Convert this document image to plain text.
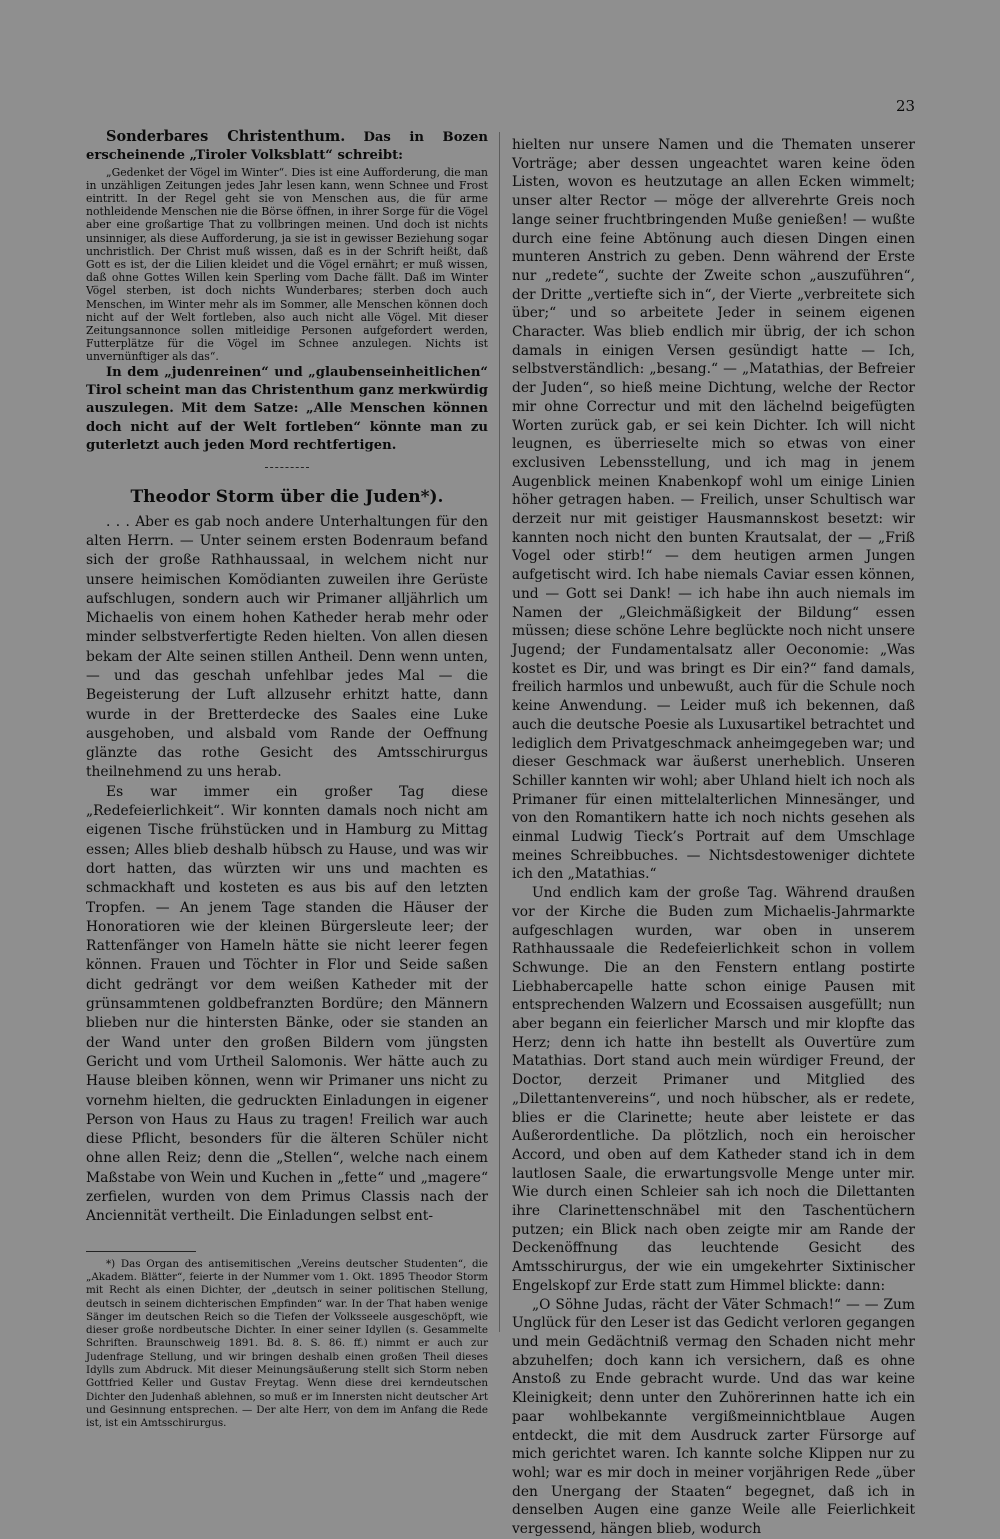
23

Sonderbares Christenthum. Das in Bozen erscheinende „Tiroler Volksblatt“ schreibt:

„Gedenket der Vögel im Winter“. Dies ist eine Aufforderung, die man in unzähligen Zeitungen jedes Jahr lesen kann, wenn Schnee und Frost eintritt. In der Regel geht sie von Menschen aus, die für arme nothleidende Menschen nie die Börse öffnen, in ihrer Sorge für die Vögel aber eine großartige That zu vollbringen meinen. Und doch ist nichts unsinniger, als diese Aufforderung, ja sie ist in gewisser Beziehung sogar unchristlich. Der Christ muß wissen, daß es in der Schrift heißt, daß Gott es ist, der die Lilien kleidet und die Vögel ernährt; er muß wissen, daß ohne Gottes Willen kein Sperling vom Dache fällt. Daß im Winter Vögel sterben, ist doch nichts Wunderbares; sterben doch auch Menschen, im Winter mehr als im Sommer, alle Menschen können doch nicht auf der Welt fortleben, also auch nicht alle Vögel. Mit dieser Zeitungsannonce sollen mitleidige Personen aufgefordert werden, Futterplätze für die Vögel im Schnee anzulegen. Nichts ist unvernünftiger als das“.

In dem „judenreinen“ und „glaubenseinheitlichen“ Tirol scheint man das Christenthum ganz merkwürdig auszulegen. Mit dem Satze: „Alle Menschen können doch nicht auf der Welt fortleben“ könnte man zu guterletzt auch jeden Mord rechtfertigen.

Theodor Storm über die Juden*).

. . . Aber es gab noch andere Unterhaltungen für den alten Herrn. — Unter seinem ersten Bodenraum befand sich der große Rathhaussaal, in welchem nicht nur unsere heimischen Komödianten zuweilen ihre Gerüste aufschlugen, sondern auch wir Primaner alljährlich um Michaelis von einem hohen Katheder herab mehr oder minder selbstverfertigte Reden hielten. Von allen diesen bekam der Alte seinen stillen Antheil. Denn wenn unten, — und das geschah unfehlbar jedes Mal — die Begeisterung der Luft allzusehr erhitzt hatte, dann wurde in der Bretterdecke des Saales eine Luke ausgehoben, und alsbald vom Rande der Oeffnung glänzte das rothe Gesicht des Amtsschirurgus theilnehmend zu uns herab.

Es war immer ein großer Tag diese „Redefeierlichkeit“. Wir konnten damals noch nicht am eigenen Tische frühstücken und in Hamburg zu Mittag essen; Alles blieb deshalb hübsch zu Hause, und was wir dort hatten, das würzten wir uns und machten es schmackhaft und kosteten es aus bis auf den letzten Tropfen. — An jenem Tage standen die Häuser der Honoratioren wie der kleinen Bürgersleute leer; der Rattenfänger von Hameln hätte sie nicht leerer fegen können. Frauen und Töchter in Flor und Seide saßen dicht gedrängt vor dem weißen Katheder mit der grünsammtenen goldbefranzten Bordüre; den Männern blieben nur die hintersten Bänke, oder sie standen an der Wand unter den großen Bildern vom jüngsten Gericht und vom Urtheil Salomonis. Wer hätte auch zu Hause bleiben können, wenn wir Primaner uns nicht zu vornehm hielten, die gedruckten Einladungen in eigener Person von Haus zu Haus zu tragen! Freilich war auch diese Pflicht, besonders für die älteren Schüler nicht ohne allen Reiz; denn die „Stellen“, welche nach einem Maßstabe von Wein und Kuchen in „fette“ und „magere“ zerfielen, wurden von dem Primus Classis nach der Anciennität vertheilt. Die Einladungen selbst ent-

*) Das Organ des antisemitischen „Vereins deutscher Studenten“, die „Akadem. Blätter“, feierte in der Nummer vom 1. Okt. 1895 Theodor Storm mit Recht als einen Dichter, der „deutsch in seiner politischen Stellung, deutsch in seinem dichterischen Empfinden“ war. In der That haben wenige Sänger im deutschen Reich so die Tiefen der Volksseele ausgeschöpft, wie dieser große nordbeutsche Dichter. In einer seiner Idyllen (s. Gesammelte Schriften. Braunschweig 1891. Bd. 8. S. 86. ff.) nimmt er auch zur Judenfrage Stellung, und wir bringen deshalb einen großen Theil dieses Idylls zum Abdruck. Mit dieser Meinungsäußerung stellt sich Storm neben Gottfried Keller und Gustav Freytag. Wenn diese drei kerndeutschen Dichter den Judenhaß ablehnen, so muß er im Innersten nicht deutscher Art und Gesinnung entsprechen. — Der alte Herr, von dem im Anfang die Rede ist, ist ein Amtsschirurgus.

hielten nur unsere Namen und die Thematen unserer Vorträge; aber dessen ungeachtet waren keine öden Listen, wovon es heutzutage an allen Ecken wimmelt; unser alter Rector — möge der allverehrte Greis noch lange seiner fruchtbringenden Muße genießen! — wußte durch eine feine Abtönung auch diesen Dingen einen munteren Anstrich zu geben. Denn während der Erste nur „redete“, suchte der Zweite schon „auszuführen“, der Dritte „vertiefte sich in“, der Vierte „verbreitete sich über;“ und so arbeitete Jeder in seinem eigenen Character. Was blieb endlich mir übrig, der ich schon damals in einigen Versen gesündigt hatte — Ich, selbstverständlich: „besang.“ — „Matathias, der Befreier der Juden“, so hieß meine Dichtung, welche der Rector mir ohne Correctur und mit den lächelnd beigefügten Worten zurück gab, er sei kein Dichter. Ich will nicht leugnen, es überrieselte mich so etwas von einer exclusiven Lebensstellung, und ich mag in jenem Augenblick meinen Knabenkopf wohl um einige Linien höher getragen haben. — Freilich, unser Schultisch war derzeit nur mit geistiger Hausmannskost besetzt: wir kannten noch nicht den bunten Krautsalat, der — „Friß Vogel oder stirb!“ — dem heutigen armen Jungen aufgetischt wird. Ich habe niemals Caviar essen können, und — Gott sei Dank! — ich habe ihn auch niemals im Namen der „Gleichmäßigkeit der Bildung“ essen müssen; diese schöne Lehre beglückte noch nicht unsere Jugend; der Fundamentalsatz aller Oeconomie: „Was kostet es Dir, und was bringt es Dir ein?“ fand damals, freilich harmlos und unbewußt, auch für die Schule noch keine Anwendung. — Leider muß ich bekennen, daß auch die deutsche Poesie als Luxusartikel betrachtet und lediglich dem Privatgeschmack anheimgegeben war; und dieser Geschmack war äußerst unerheblich. Unseren Schiller kannten wir wohl; aber Uhland hielt ich noch als Primaner für einen mittelalterlichen Minnesänger, und von den Romantikern hatte ich noch nichts gesehen als einmal Ludwig Tieck’s Portrait auf dem Umschlage meines Schreibbuches. — Nichtsdestoweniger dichtete ich den „Matathias.“

Und endlich kam der große Tag. Während draußen vor der Kirche die Buden zum Michaelis-Jahrmarkte aufgeschlagen wurden, war oben in unserem Rathhaussaale die Redefeierlichkeit schon in vollem Schwunge. Die an den Fenstern entlang postirte Liebhabercapelle hatte schon einige Pausen mit entsprechenden Walzern und Ecossaisen ausgefüllt; nun aber begann ein feierlicher Marsch und mir klopfte das Herz; denn ich hatte ihn bestellt als Ouvertüre zum Matathias. Dort stand auch mein würdiger Freund, der Doctor, derzeit Primaner und Mitglied des „Dilettantenvereins“, und noch hübscher, als er redete, blies er die Clarinette; heute aber leistete er das Außerordentliche. Da plötzlich, noch ein heroischer Accord, und oben auf dem Katheder stand ich in dem lautlosen Saale, die erwartungsvolle Menge unter mir. Wie durch einen Schleier sah ich noch die Dilettanten ihre Clarinettenschnäbel mit den Taschentüchern putzen; ein Blick nach oben zeigte mir am Rande der Deckenöffnung das leuchtende Gesicht des Amtsschirurgus, der wie ein umgekehrter Sixtinischer Engelskopf zur Erde statt zum Himmel blickte: dann:

„O Söhne Judas, rächt der Väter Schmach!“ — — Zum Unglück für den Leser ist das Gedicht verloren gegangen und mein Gedächtniß vermag den Schaden nicht mehr abzuhelfen; doch kann ich versichern, daß es ohne Anstoß zu Ende gebracht wurde. Und das war keine Kleinigkeit; denn unter den Zuhörerinnen hatte ich ein paar wohlbekannte vergißmeinnichtblaue Augen entdeckt, die mit dem Ausdruck zarter Fürsorge auf mich gerichtet waren. Ich kannte solche Klippen nur zu wohl; war es mir doch in meiner vorjährigen Rede „über den Unergang der Staaten“ begegnet, daß ich in denselben Augen eine ganze Weile alle Feierlichkeit vergessend, hängen blieb, wodurch
